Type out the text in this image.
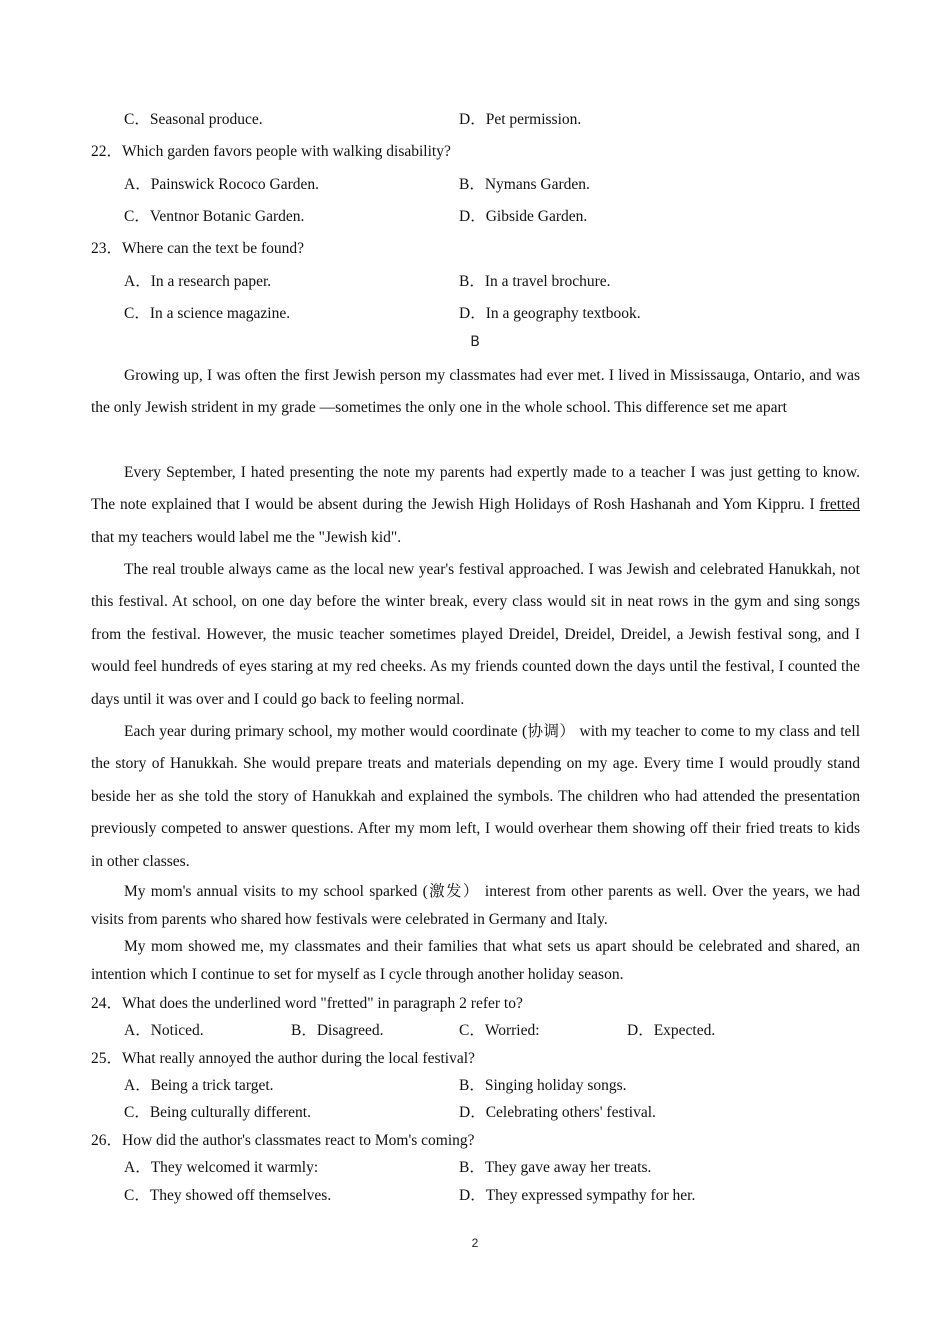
C．Seasonal produce.	D．Pet permission.
22．Which garden favors people with walking disability?
A．Painswick Rococo Garden.	B．Nymans Garden.
C．Ventnor Botanic Garden.	D．Gibside Garden.
23．Where can the text be found?
A．In a research paper.	B．In a travel brochure.
C．In a science magazine.	D．In a geography textbook.
B
Growing up, I was often the first Jewish person my classmates had ever met. I lived in Mississauga, Ontario, and was the only Jewish strident in my grade —sometimes the only one in the whole school. This difference set me apart
Every September, I hated presenting the note my parents had expertly made to a teacher I was just getting to know. The note explained that I would be absent during the Jewish High Holidays of Rosh Hashanah and Yom Kippru. I fretted that my teachers would label me the "Jewish kid".
The real trouble always came as the local new year's festival approached. I was Jewish and celebrated Hanukkah, not this festival. At school, on one day before the winter break, every class would sit in neat rows in the gym and sing songs from the festival. However, the music teacher sometimes played Dreidel, Dreidel, Dreidel, a Jewish festival song, and I would feel hundreds of eyes staring at my red cheeks. As my friends counted down the days until the festival, I counted the days until it was over and I could go back to feeling normal.
Each year during primary school, my mother would coordinate (协调） with my teacher to come to my class and tell the story of Hanukkah. She would prepare treats and materials depending on my age. Every time I would proudly stand beside her as she told the story of Hanukkah and explained the symbols. The children who had attended the presentation previously competed to answer questions. After my mom left, I would overhear them showing off their fried treats to kids in other classes.
My mom's annual visits to my school sparked (激发） interest from other parents as well. Over the years, we had visits from parents who shared how festivals were celebrated in Germany and Italy.
My mom showed me, my classmates and their families that what sets us apart should be celebrated and shared, an intention which I continue to set for myself as I cycle through another holiday season.
24．What does the underlined word "fretted" in paragraph 2 refer to?
A．Noticed.	B．Disagreed.	C．Worried:	D．Expected.
25．What really annoyed the author during the local festival?
A．Being a trick target.	B．Singing holiday songs.
C．Being culturally different.	D．Celebrating others' festival.
26．How did the author's classmates react to Mom's coming?
A．They welcomed it warmly:	B．They gave away her treats.
C．They showed off themselves.	D．They expressed sympathy for her.
2
